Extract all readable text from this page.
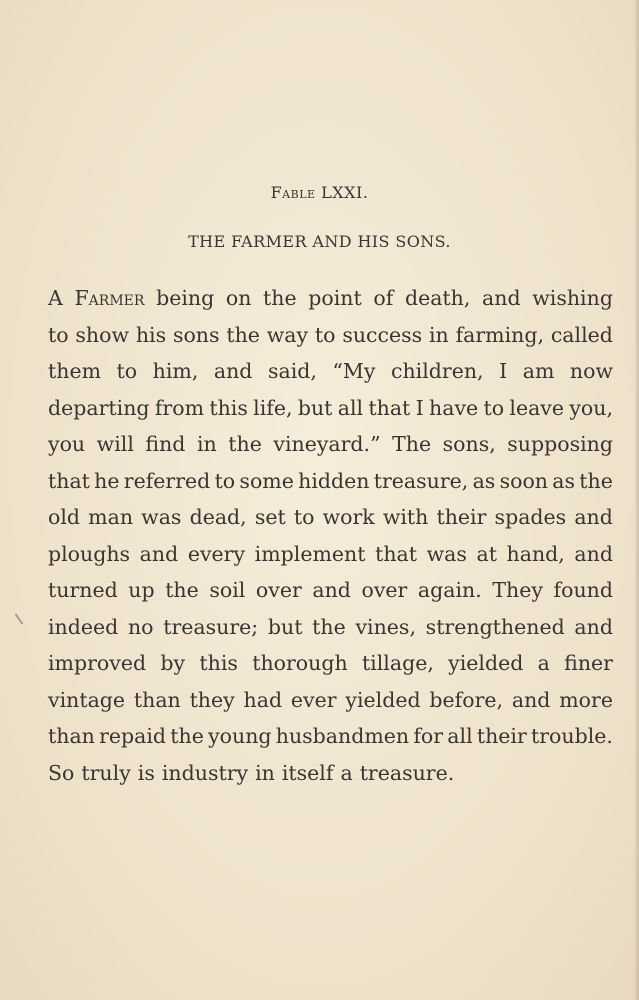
Fable LXXI.
THE FARMER AND HIS SONS.
A Farmer being on the point of death, and wishing
to show his sons the way to success in farming, called
them to him, and said, “My children, I am now
departing from this life, but all that I have to leave you,
you will find in the vineyard.” The sons, supposing
that he referred to some hidden treasure, as soon as the
old man was dead, set to work with their spades and
ploughs and every implement that was at hand, and
turned up the soil over and over again. They found
indeed no treasure; but the vines, strengthened and
improved by this thorough tillage, yielded a finer
vintage than they had ever yielded before, and more
than repaid the young husbandmen for all their trouble.
So truly is industry in itself a treasure.
